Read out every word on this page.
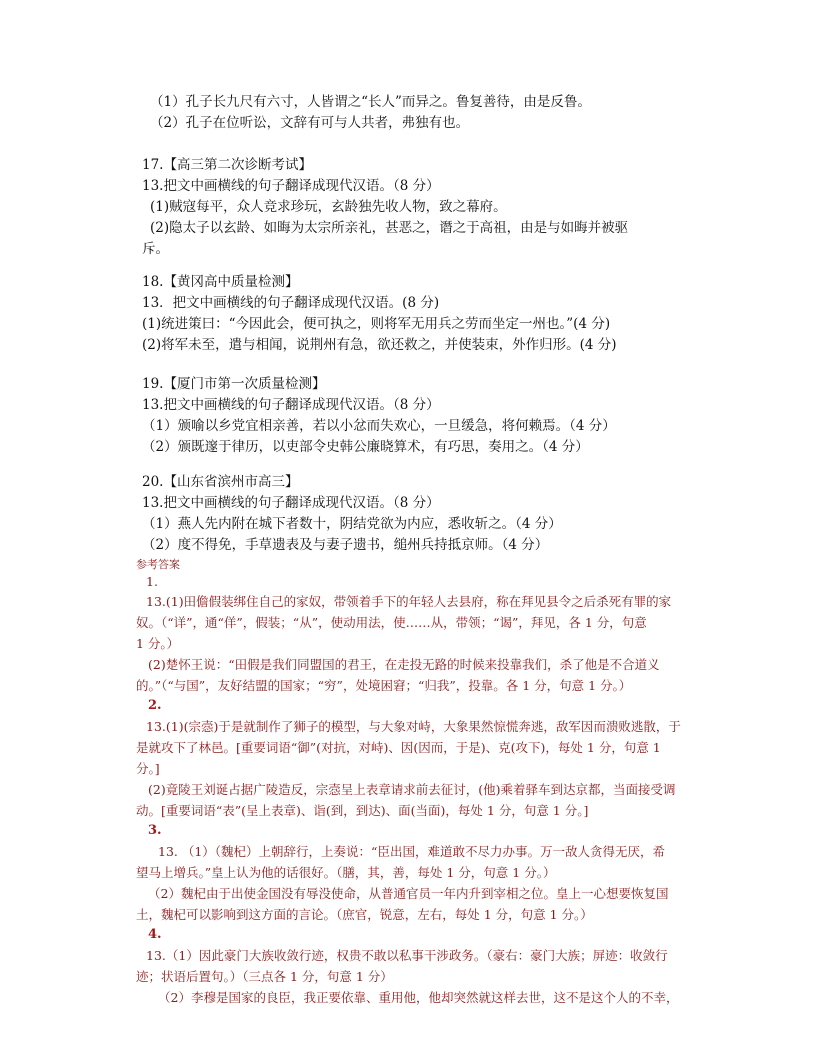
（1）孔子长九尺有六寸，人皆谓之“长人”而异之。鲁复善待，由是反鲁。
（2）孔子在位听讼，文辞有可与人共者，弗独有也。
17.【高三第二次诊断考试】
13.把文中画横线的句子翻译成现代汉语。（8 分）
(1)贼寇每平，众人竞求珍玩，玄龄独先收人物，致之幕府。
(2)隐太子以玄龄、如晦为太宗所亲礼，甚恶之，谮之于高祖，由是与如晦并被驱
斥。
18.【黄冈高中质量检测】
13．把文中画横线的句子翻译成现代汉语。(8 分)
(1)统进策曰：“今因此会，便可执之，则将军无用兵之劳而坐定一州也。”(4 分)
(2)将军未至，遣与相闻，说荆州有急，欲还救之，并使装束，外作归形。(4 分)
19.【厦门市第一次质量检测】
13.把文中画横线的句子翻译成现代汉语。（8 分）
（1）颁喻以乡党宜相亲善，若以小忿而失欢心，一旦缓急，将何赖焉。（4 分）
（2）颁既邃于律历，以吏部令史韩公廉晓算术，有巧思，奏用之。（4 分）
20.【山东省滨州市高三】
13.把文中画横线的句子翻译成现代汉语。（8 分）
（1）燕人先内附在城下者数十，阴结党欲为内应，悉收斩之。（4 分）
（2）度不得免，手草遗表及与妻子遗书，缒州兵持抵京师。（4 分）
参考答案
1.
13.(1)田儋假装绑住自己的家奴，带领着手下的年轻人去县府，称在拜见县令之后杀死有罪的家
奴。（“详”，通“佯”，假装；“从”，使动用法，使……从，带领；“谒”，拜见，各 1 分，句意
1 分。）
(2)楚怀王说：“田假是我们同盟国的君王，在走投无路的时候来投靠我们，杀了他是不合道义
的。”（“与国”，友好结盟的国家；“穷”，处境困窘；“归我”，投靠。各 1 分，句意 1 分。）
2.
13.(1)(宗悫)于是就制作了狮子的模型，与大象对峙，大象果然惊慌奔逃，敌军因而溃败逃散，于
是就攻下了林邑。[重要词语“御”(对抗，对峙)、因(因而，于是)、克(攻下)，每处 1 分，句意 1
分。]
(2)竟陵王刘诞占据广陵造反，宗悫呈上表章请求前去征讨，(他)乘着驿车到达京都，当面接受调
动。[重要词语“表”(呈上表章)、诣(到，到达)、面(当面)，每处 1 分，句意 1 分。]
3.
13. （1）（魏杞）上朝辞行，上奏说：“臣出国，难道敢不尽力办事。万一敌人贪得无厌，希
望马上增兵。”皇上认为他的话很好。（膳，其，善，每处 1 分，句意 1 分。）
（2）魏杞由于出使金国没有辱没使命，从普通官员一年内升到宰相之位。皇上一心想要恢复国
土，魏杞可以影响到这方面的言论。（庶官，锐意，左右，每处 1 分，句意 1 分。）
4.
13.（1）因此豪门大族收敛行迹，权贵不敢以私事干涉政务。（豪右：豪门大族；屏迹：收敛行
迹；状语后置句。）（三点各 1 分，句意 1 分）
（2）李穆是国家的良臣，我正要依靠、重用他，他却突然就这样去世，这不是这个人的不幸，
